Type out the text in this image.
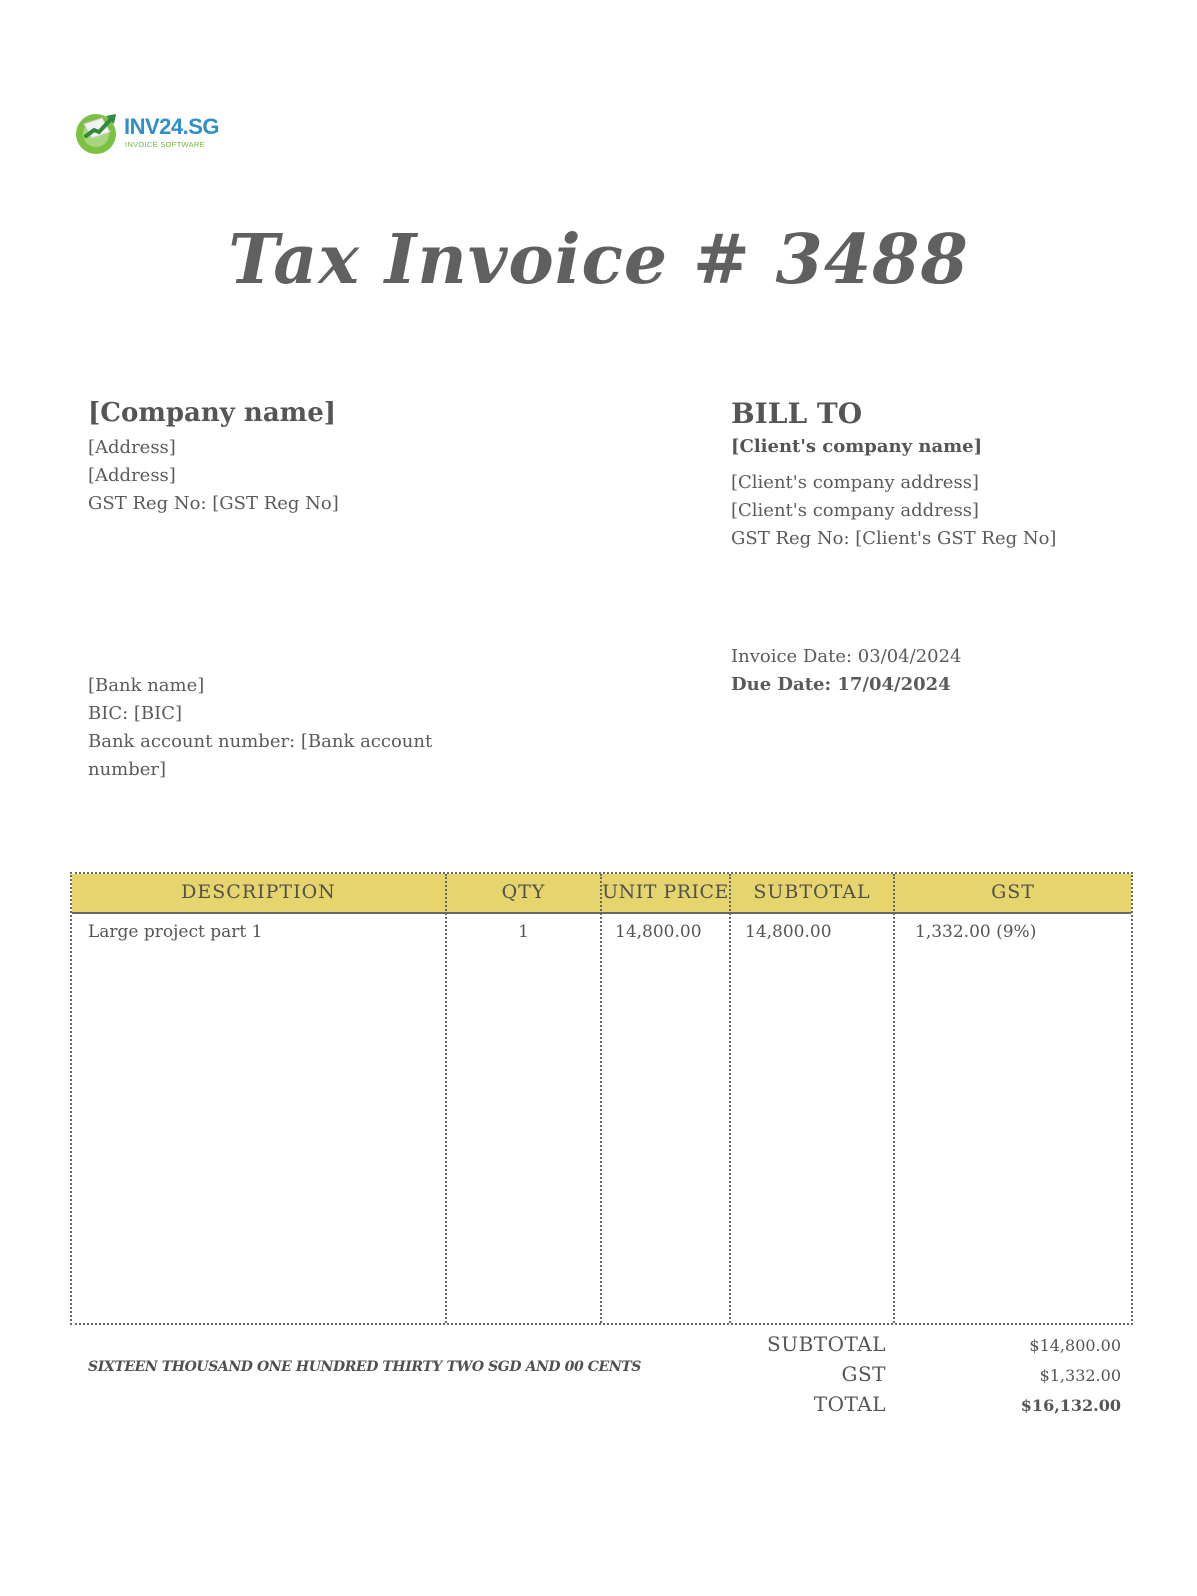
INV24.SG
INVOICE SOFTWARE
Tax Invoice # 3488
[Company name]
[Address]
[Address]
GST Reg No: [GST Reg No]
BILL TO
[Client's company name]
[Client's company address]
[Client's company address]
GST Reg No: [Client's GST Reg No]
Invoice Date: 03/04/2024
Due Date: 17/04/2024
[Bank name]
BIC: [BIC]
Bank account number: [Bank account
number]
DESCRIPTION	QTY	UNIT PRICE	SUBTOTAL	GST
Large project part 1	1	14,800.00	14,800.00	1,332.00 (9%)
SIXTEEN THOUSAND ONE HUNDRED THIRTY TWO SGD AND 00 CENTS
SUBTOTAL	$14,800.00
GST	$1,332.00
TOTAL	$16,132.00
